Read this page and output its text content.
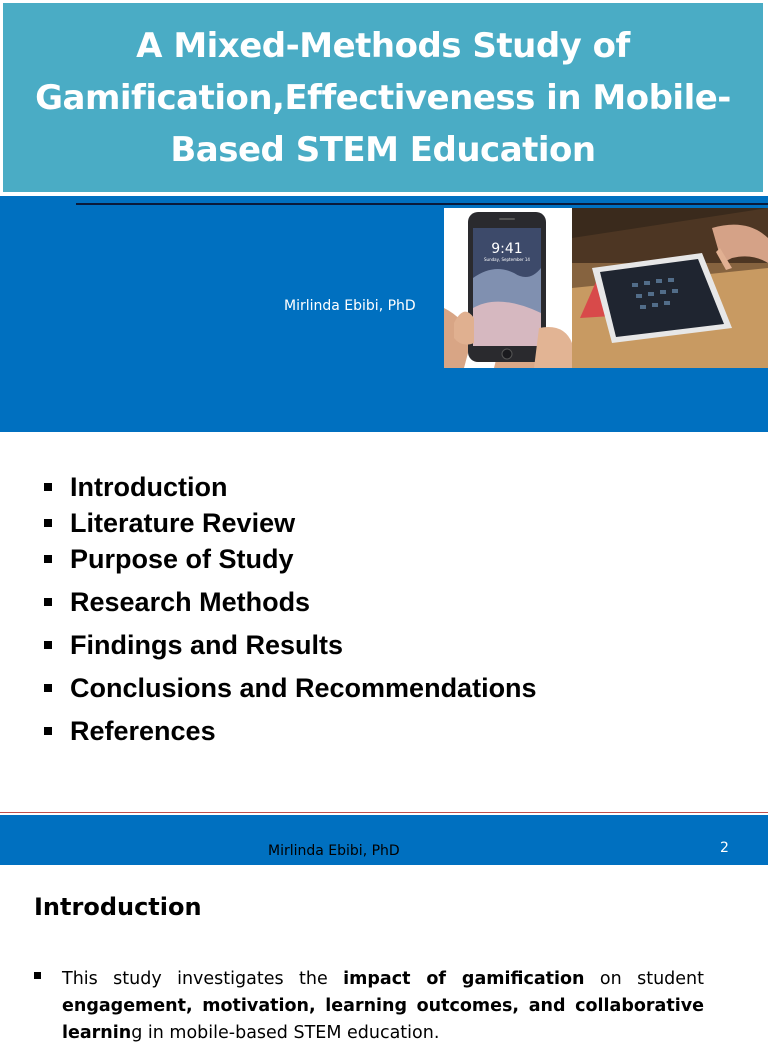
A Mixed-Methods Study of Gamification,Effectiveness in Mobile-Based STEM Education
Mirlinda Ebibi, PhD
9:41
Sunday, September 14
Introduction
Literature Review
Purpose of Study
Research Methods
Findings and Results
Conclusions and Recommendations
References
Mirlinda Ebibi, PhD	2
Introduction

This study investigates the impact of gamification on student engagement, motivation, learning outcomes, and collaborative learning in mobile-based STEM education.
